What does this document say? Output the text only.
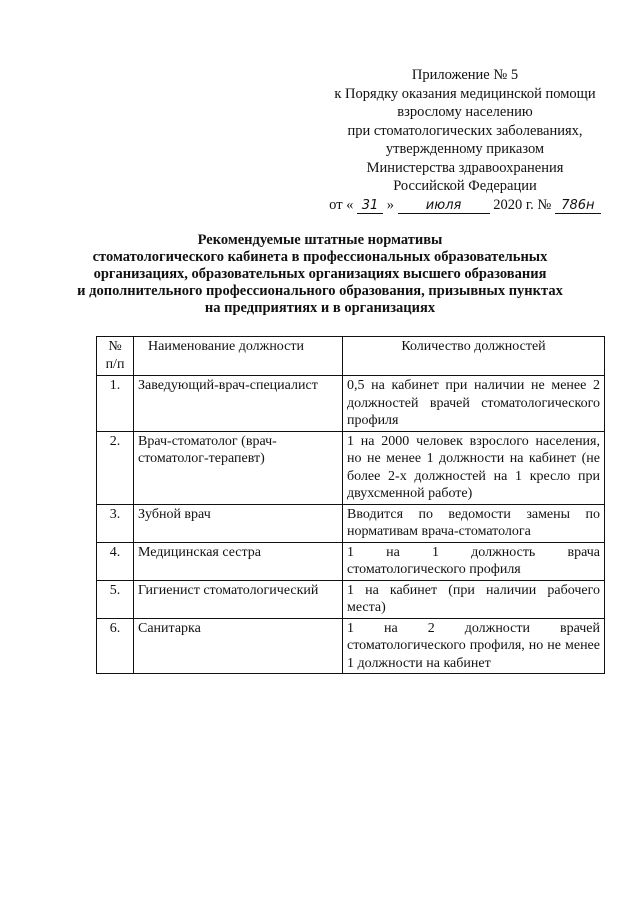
Приложение № 5
к Порядку оказания медицинской помощи
взрослому населению
при стоматологических заболеваниях,
утвержденному приказом
Министерства здравоохранения
Российской Федерации
от « 31 » июля 2020 г. № 786н
Рекомендуемые штатные нормативы
стоматологического кабинета в профессиональных образовательных
организациях, образовательных организациях высшего образования
и дополнительного профессионального образования, призывных пунктах
на предприятиях и в организациях
№
п/п	Наименование должности	Количество должностей
1.	Заведующий-врач-специалист	0,5 на кабинет при наличии не менее 2 должностей врачей стоматологического профиля
2.	Врач-стоматолог (врач-стоматолог-терапевт)	1 на 2000 человек взрослого населения, но не менее 1 должности на кабинет (не более 2-х должностей на 1 кресло при двухсменной работе)
3.	Зубной врач	Вводится по ведомости замены по нормативам врача-стоматолога
4.	Медицинская сестра	1 на 1 должность врача стоматологического профиля
5.	Гигиенист стоматологический	1 на кабинет (при наличии рабочего места)
6.	Санитарка	1 на 2 должности врачей стоматологического профиля, но не менее 1 должности на кабинет
